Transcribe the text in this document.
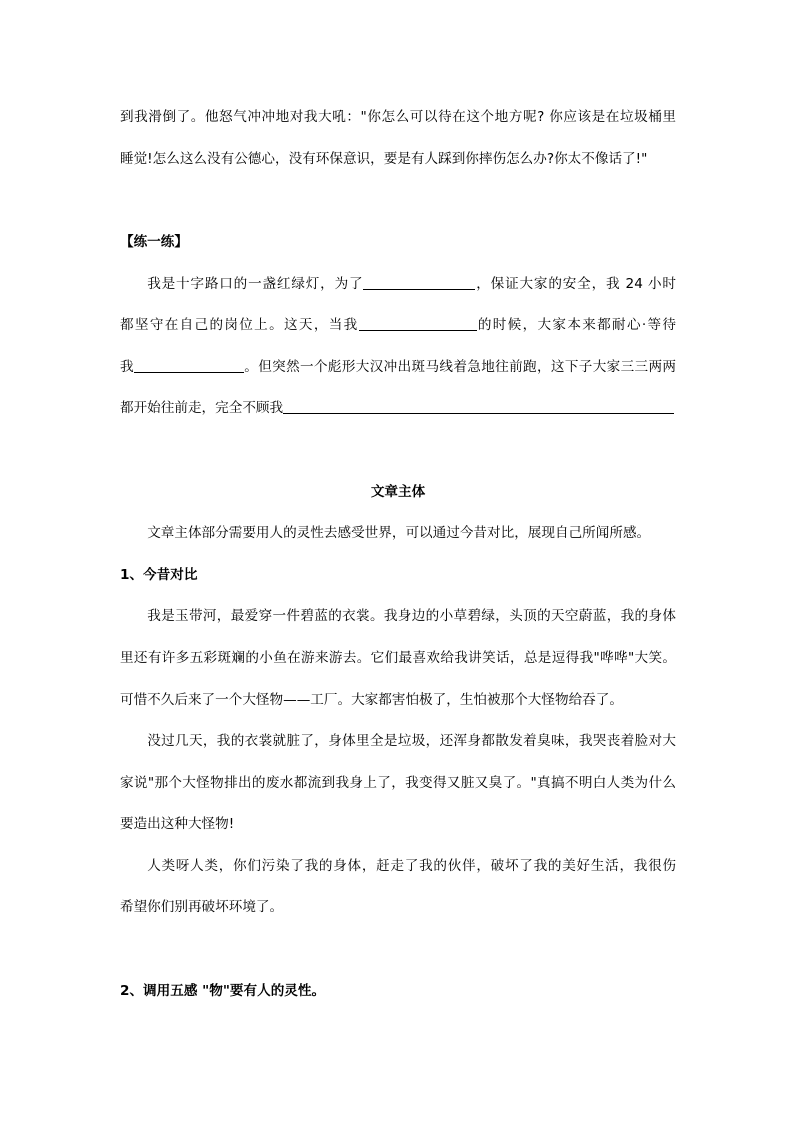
到我滑倒了。他怒气冲冲地对我大吼："你怎么可以待在这个地方呢? 你应该是在垃圾桶里
睡觉!怎么这么没有公德心，没有环保意识，要是有人踩到你摔伤怎么办?你太不像话了!"
【练一练】
我是十字路口的一盏红绿灯，为了	，保证大家的安全，我 24 小时
都坚守在自己的岗位上。这天，当我	的时候，大家本来都耐心·等待
我	。但突然一个彪形大汉冲出斑马线着急地往前跑，这下子大家三三两两
都开始往前走，完全不顾我
文章主体
文章主体部分需要用人的灵性去感受世界，可以通过今昔对比，展现自己所闻所感。
1、今昔对比
我是玉带河，最爱穿一件碧蓝的衣裳。我身边的小草碧绿，头顶的天空蔚蓝，我的身体
里还有许多五彩斑斓的小鱼在游来游去。它们最喜欢给我讲笑话，总是逗得我"哗哗"大笑。
可惜不久后来了一个大怪物——工厂。大家都害怕极了，生怕被那个大怪物给吞了。
没过几天，我的衣裳就脏了，身体里全是垃圾，还浑身都散发着臭味，我哭丧着脸对大
家说"那个大怪物排出的废水都流到我身上了，我变得又脏又臭了。"真搞不明白人类为什么
要造出这种大怪物!
人类呀人类，你们污染了我的身体，赶走了我的伙伴，破坏了我的美好生活，我很伤
希望你们别再破坏环境了。
2、调用五感 "物"要有人的灵性。
